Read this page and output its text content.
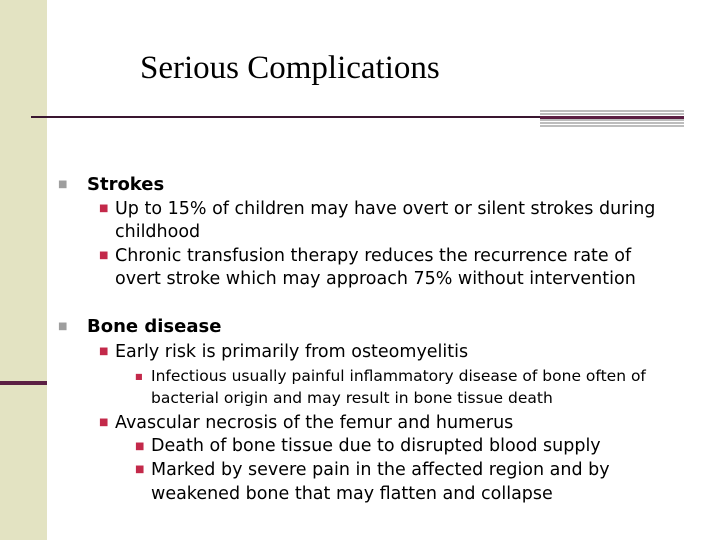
Serious Complications
■ Strokes
■ Up to 15% of children may have overt or silent strokes during
childhood
■ Chronic transfusion therapy reduces the recurrence rate of
overt stroke which may approach 75% without intervention
■ Bone disease
■ Early risk is primarily from osteomyelitis
■ Infectious usually painful inflammatory disease of bone often of
bacterial origin and may result in bone tissue death
■ Avascular necrosis of the femur and humerus
■ Death of bone tissue due to disrupted blood supply
■ Marked by severe pain in the affected region and by
weakened bone that may flatten and collapse
